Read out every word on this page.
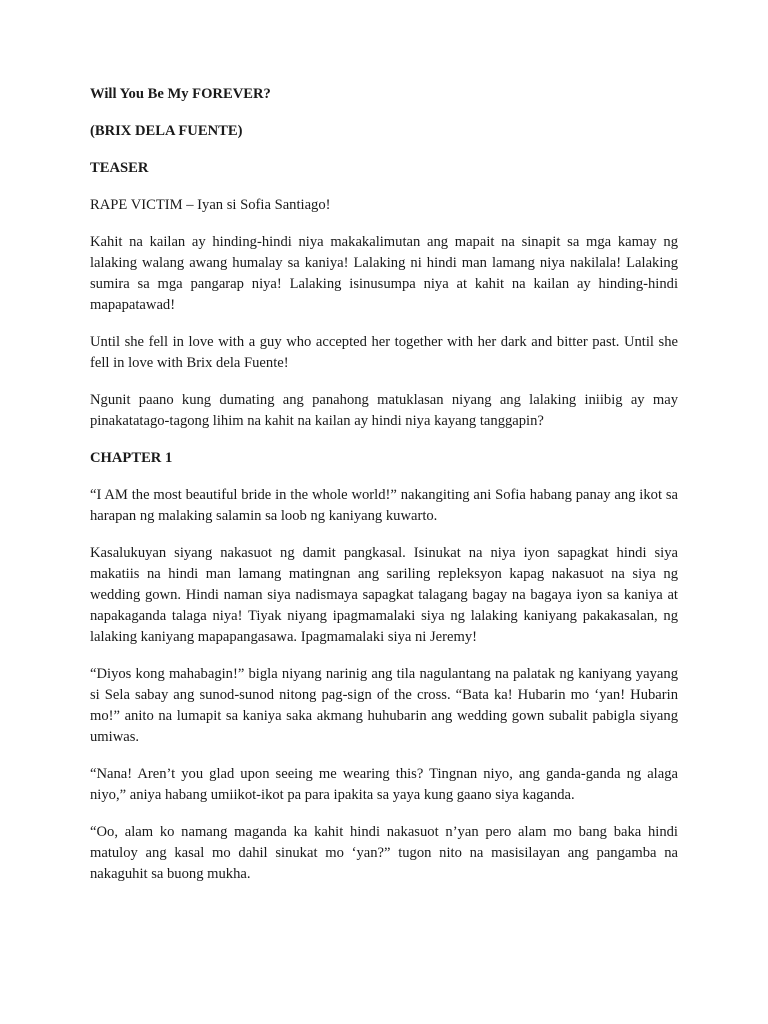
Will You Be My FOREVER?

(BRIX DELA FUENTE)

TEASER

RAPE VICTIM – Iyan si Sofia Santiago!

Kahit na kailan ay hinding-hindi niya makakalimutan ang mapait na sinapit sa mga kamay ng lalaking walang awang humalay sa kaniya! Lalaking ni hindi man lamang niya nakilala! Lalaking sumira sa mga pangarap niya! Lalaking isinusumpa niya at kahit na kailan ay hinding-hindi mapapatawad!

Until she fell in love with a guy who accepted her together with her dark and bitter past. Until she fell in love with Brix dela Fuente!

Ngunit paano kung dumating ang panahong matuklasan niyang ang lalaking iniibig ay may pinakatatago-tagong lihim na kahit na kailan ay hindi niya kayang tanggapin?

CHAPTER 1

“I AM the most beautiful bride in the whole world!” nakangiting ani Sofia habang panay ang ikot sa harapan ng malaking salamin sa loob ng kaniyang kuwarto.

Kasalukuyan siyang nakasuot ng damit pangkasal. Isinukat na niya iyon sapagkat hindi siya makatiis na hindi man lamang matingnan ang sariling repleksyon kapag nakasuot na siya ng wedding gown. Hindi naman siya nadismaya sapagkat talagang bagay na bagaya iyon sa kaniya at napakaganda talaga niya! Tiyak niyang ipagmamalaki siya ng lalaking kaniyang pakakasalan, ng lalaking kaniyang mapapangasawa. Ipagmamalaki siya ni Jeremy!

“Diyos kong mahabagin!” bigla niyang narinig ang tila nagulantang na palatak ng kaniyang yayang si Sela sabay ang sunod-sunod nitong pag-sign of the cross. “Bata ka! Hubarin mo ‘yan! Hubarin mo!” anito na lumapit sa kaniya saka akmang huhubarin ang wedding gown subalit pabigla siyang umiwas.

“Nana! Aren’t you glad upon seeing me wearing this? Tingnan niyo, ang ganda-ganda ng alaga niyo,” aniya habang umiikot-ikot pa para ipakita sa yaya kung gaano siya kaganda.

“Oo, alam ko namang maganda ka kahit hindi nakasuot n’yan pero alam mo bang baka hindi matuloy ang kasal mo dahil sinukat mo ‘yan?” tugon nito na masisilayan ang pangamba na nakaguhit sa buong mukha.
